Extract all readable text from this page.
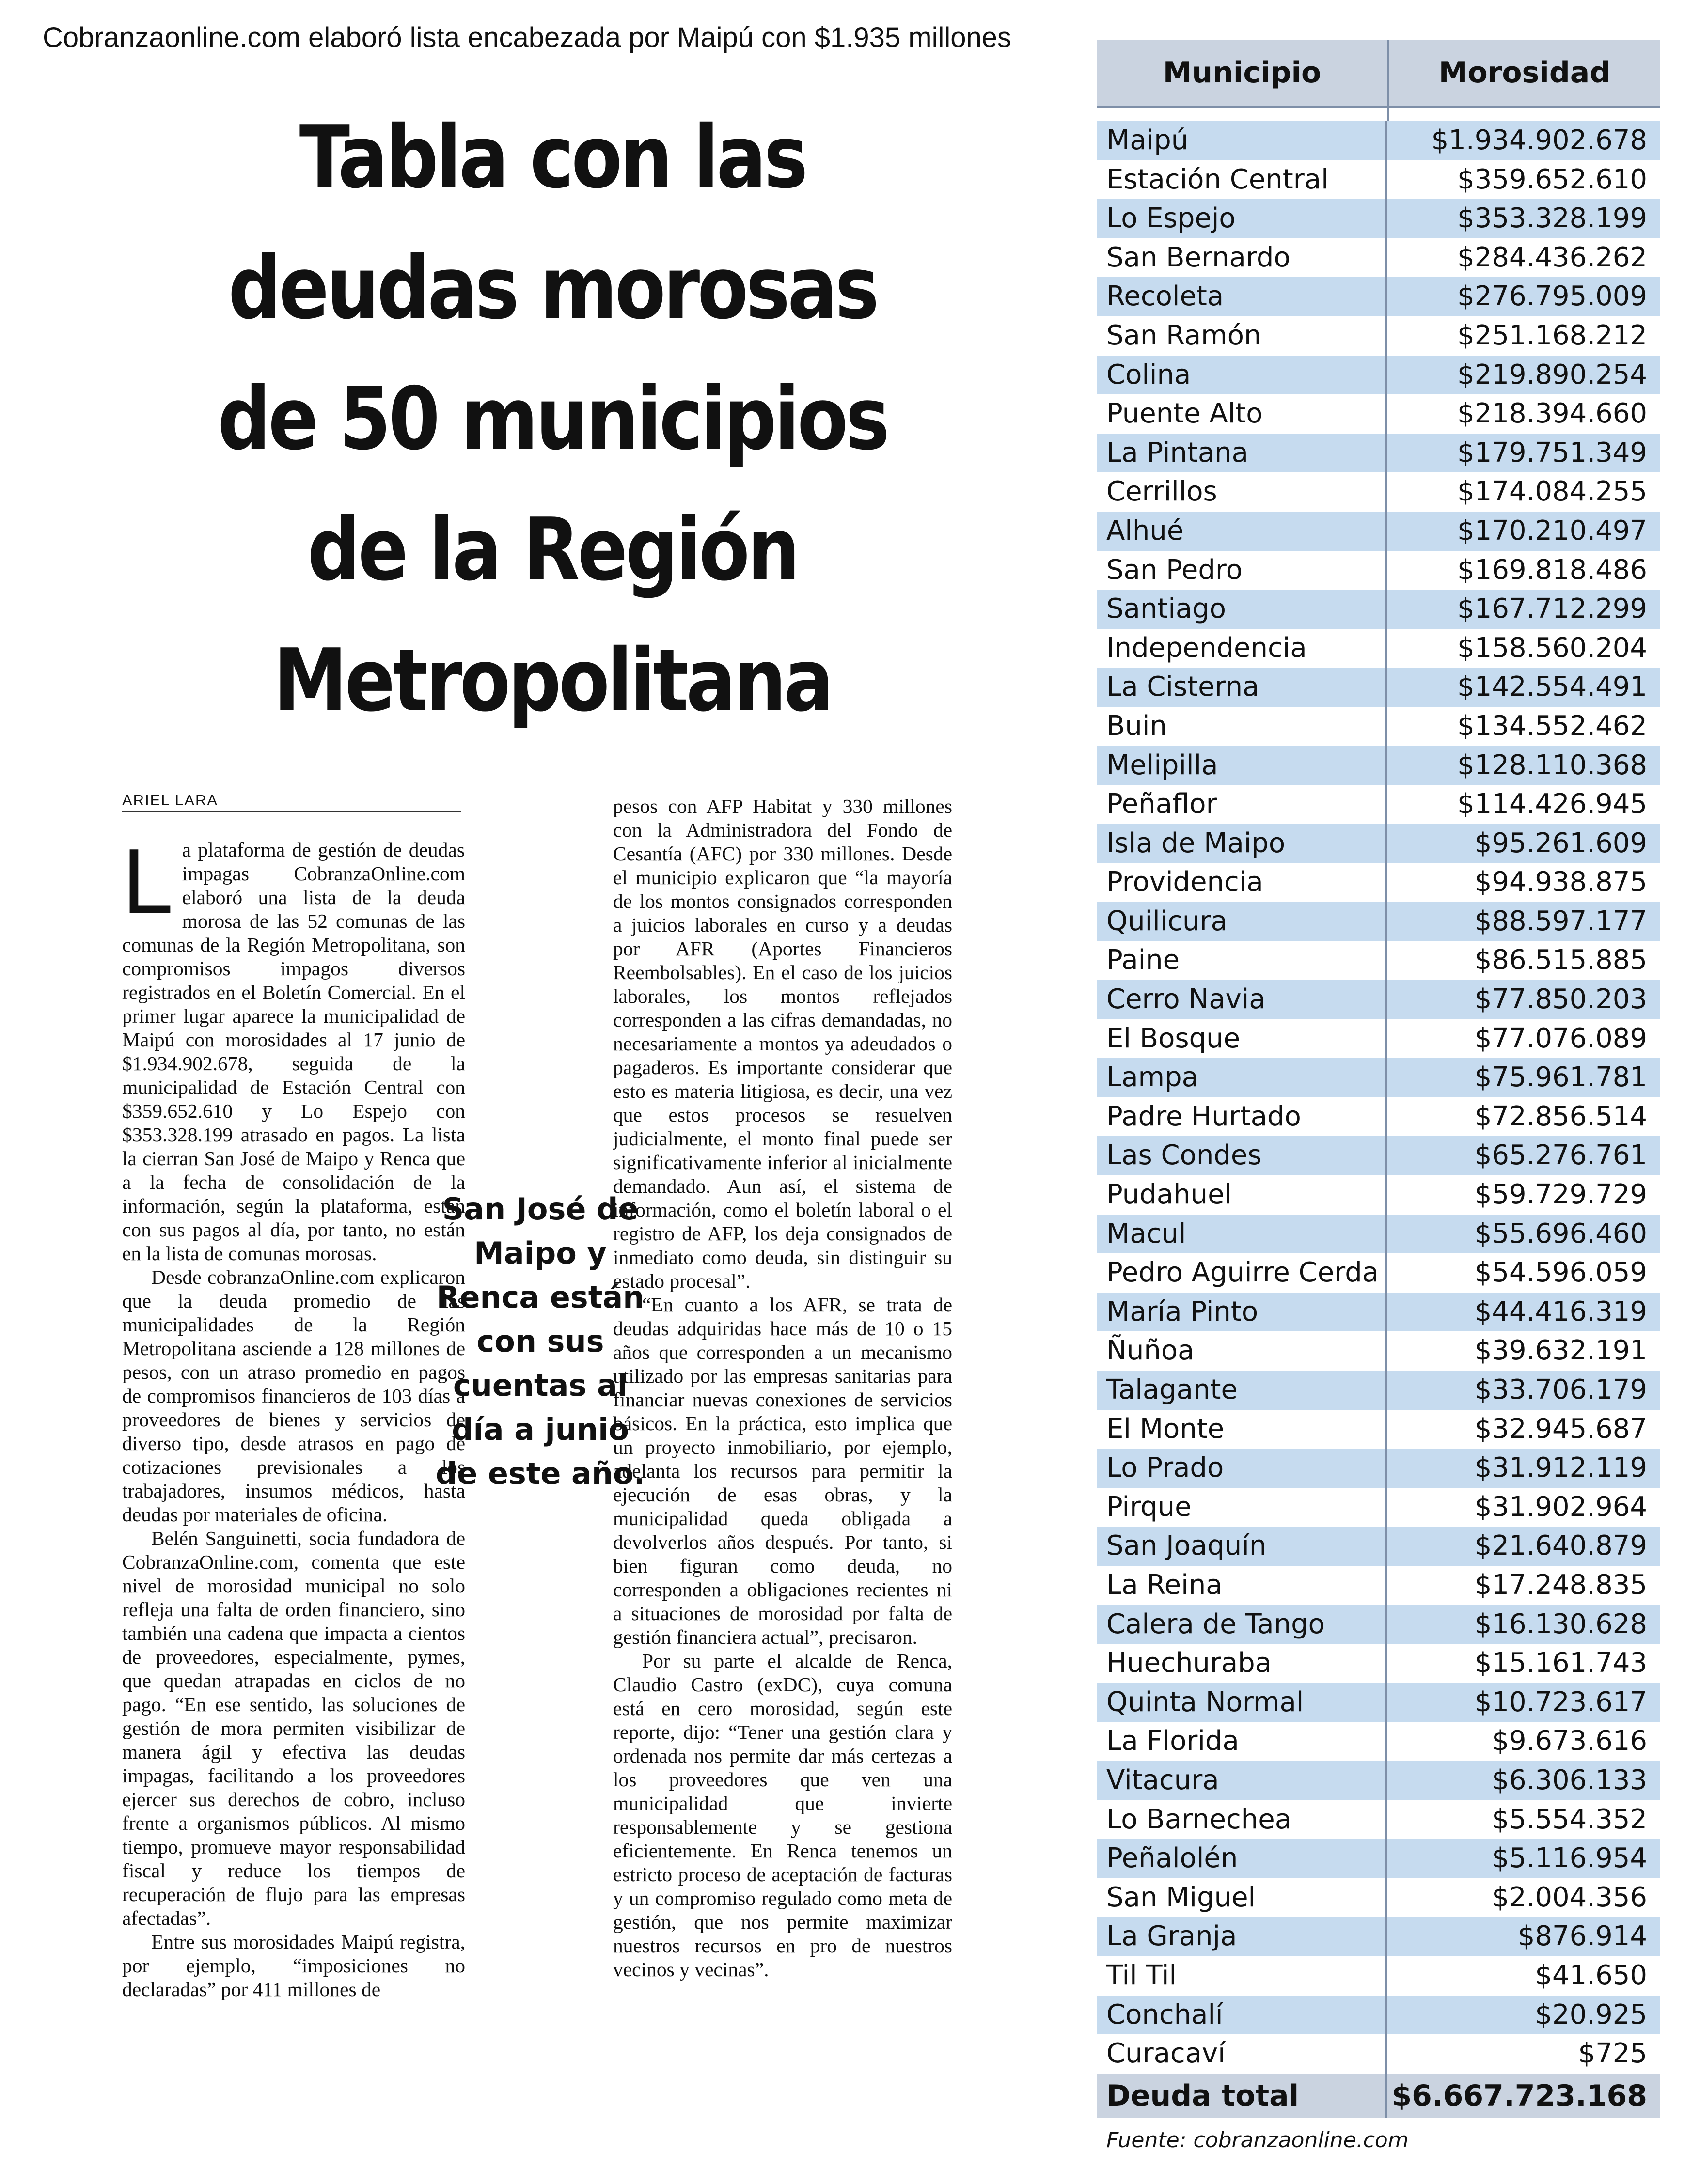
Cobranzaonline.com elaboró lista encabezada por Maipú con $1.935 millones
Tabla con las
deudas morosas
de 50 municipios
de la Región
Metropolitana
ARIEL LARA
L a plataforma de gestión de deudas impagas CobranzaOnline.com elaboró una lista de la deuda morosa de las 52 comunas de las comunas de la Región Metropolitana, son compromisos impagos diversos registrados en el Boletín Comercial. En el primer lugar aparece la municipalidad de Maipú con morosidades al 17 junio de $1.934.902.678, seguida de la municipalidad de Estación Central con $359.652.610 y Lo Espejo con $353.328.199 atrasado en pagos. La lista la cierran San José de Maipo y Renca que a la fecha de consolidación de la información, según la plataforma, están con sus pagos al día, por tanto, no están en la lista de comunas morosas.

Desde cobranzaOnline.com explicaron que la deuda promedio de las municipalidades de la Región Metropolitana asciende a 128 millones de pesos, con un atraso promedio en pagos de compromisos financieros de 103 días a proveedores de bienes y servicios de diverso tipo, desde atrasos en pago de cotizaciones previsionales a los trabajadores, insumos médicos, hasta deudas por materiales de oficina.

Belén Sanguinetti, socia fundadora de CobranzaOnline.com, comenta que este nivel de morosidad municipal no solo refleja una falta de orden financiero, sino también una cadena que impacta a cientos de proveedores, especialmente, pymes, que quedan atrapadas en ciclos de no pago. “En ese sentido, las soluciones de gestión de mora permiten visibilizar de manera ágil y efectiva las deudas impagas, facilitando a los proveedores ejercer sus derechos de cobro, incluso frente a organismos públicos. Al mismo tiempo, promueve mayor responsabilidad fiscal y reduce los tiempos de recuperación de flujo para las empresas afectadas”.

Entre sus morosidades Maipú registra, por ejemplo, “imposiciones no declaradas” por 411 millones de

pesos con AFP Habitat y 330 millones con la Administradora del Fondo de Cesantía (AFC) por 330 millones. Desde el municipio explicaron que “la mayoría de los montos consignados corresponden a juicios laborales en curso y a deudas por AFR (Aportes Financieros Reembolsables). En el caso de los juicios laborales, los montos reflejados corresponden a las cifras demandadas, no necesariamente a montos ya adeudados o pagaderos. Es importante considerar que esto es materia litigiosa, es decir, una vez que estos procesos se resuelven judicialmente, el monto final puede ser significativamente inferior al inicialmente demandado. Aun así, el sistema de información, como el boletín laboral o el registro de AFP, los deja consignados de inmediato como deuda, sin distinguir su estado procesal”.

“En cuanto a los AFR, se trata de deudas adquiridas hace más de 10 o 15 años que corresponden a un mecanismo utilizado por las empresas sanitarias para financiar nuevas conexiones de servicios básicos. En la práctica, esto implica que un proyecto inmobiliario, por ejemplo, adelanta los recursos para permitir la ejecución de esas obras, y la municipalidad queda obligada a devolverlos años después. Por tanto, si bien figuran como deuda, no corresponden a obligaciones recientes ni a situaciones de morosidad por falta de gestión financiera actual”, precisaron.

Por su parte el alcalde de Renca, Claudio Castro (exDC), cuya comuna está en cero morosidad, según este reporte, dijo: “Tener una gestión clara y ordenada nos permite dar más certezas a los proveedores que ven una municipalidad que invierte responsablemente y se gestiona eficientemente. En Renca tenemos un estricto proceso de aceptación de facturas y un compromiso regulado como meta de gestión, que nos permite maximizar nuestros recursos en pro de nuestros vecinos y vecinas”.

San José de Maipo y Renca están con sus cuentas al día a junio de este año.
Municipio	Morosidad
Maipú	$1.934.902.678
Estación Central	$359.652.610
Lo Espejo	$353.328.199
San Bernardo	$284.436.262
Recoleta	$276.795.009
San Ramón	$251.168.212
Colina	$219.890.254
Puente Alto	$218.394.660
La Pintana	$179.751.349
Cerrillos	$174.084.255
Alhué	$170.210.497
San Pedro	$169.818.486
Santiago	$167.712.299
Independencia	$158.560.204
La Cisterna	$142.554.491
Buin	$134.552.462
Melipilla	$128.110.368
Peñaflor	$114.426.945
Isla de Maipo	$95.261.609
Providencia	$94.938.875
Quilicura	$88.597.177
Paine	$86.515.885
Cerro Navia	$77.850.203
El Bosque	$77.076.089
Lampa	$75.961.781
Padre Hurtado	$72.856.514
Las Condes	$65.276.761
Pudahuel	$59.729.729
Macul	$55.696.460
Pedro Aguirre Cerda	$54.596.059
María Pinto	$44.416.319
Ñuñoa	$39.632.191
Talagante	$33.706.179
El Monte	$32.945.687
Lo Prado	$31.912.119
Pirque	$31.902.964
San Joaquín	$21.640.879
La Reina	$17.248.835
Calera de Tango	$16.130.628
Huechuraba	$15.161.743
Quinta Normal	$10.723.617
La Florida	$9.673.616
Vitacura	$6.306.133
Lo Barnechea	$5.554.352
Peñalolén	$5.116.954
San Miguel	$2.004.356
La Granja	$876.914
Til Til	$41.650
Conchalí	$20.925
Curacaví	$725
Deuda total	$6.667.723.168
Fuente: cobranzaonline.com
